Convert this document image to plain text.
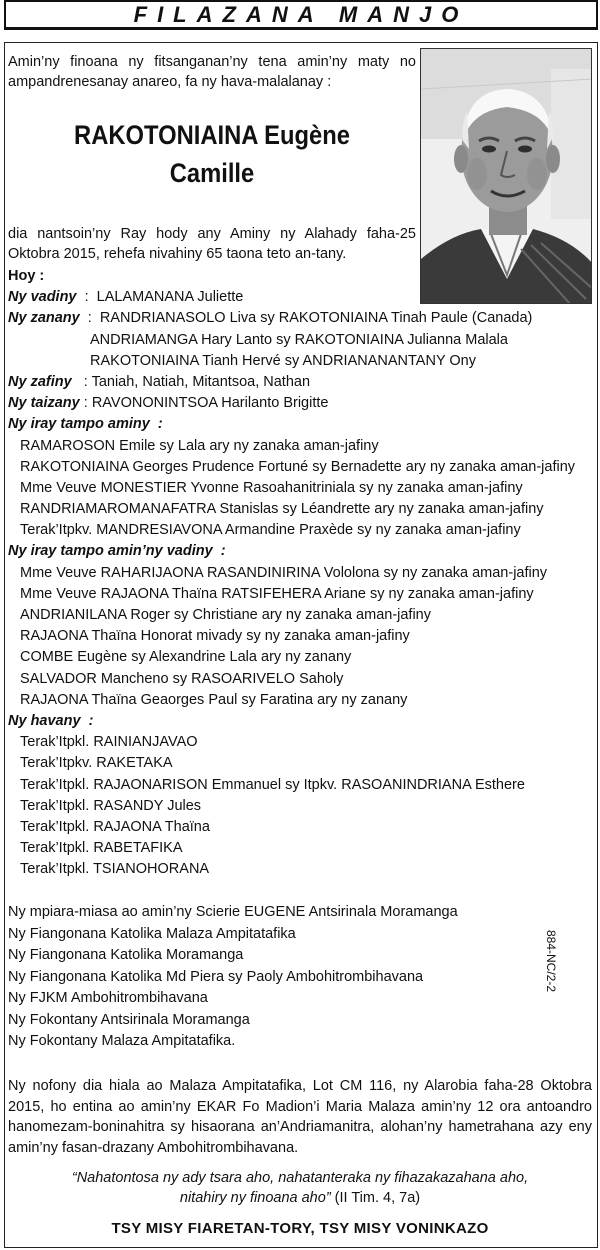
FILAZANA MANJO
Amin’ny finoana ny fitsanganan’ny tena amin’ny maty no ampandrenesanay anareo, fa ny hava-malalanay :
RAKOTONIAINA Eugène
Camille
dia nantsoin’ny Ray hody any Aminy ny Alahady faha-25 Oktobra 2015, rehefa nivahiny 65 taona teto an-tany.
Hoy :
Ny vadiny : LALAMANANA Juliette
Ny zanany : RANDRIANASOLO Liva sy RAKOTONIAINA Tinah Paule (Canada)
ANDRIAMANGA Hary Lanto sy RAKOTONIAINA Julianna Malala
RAKOTONIAINA Tianh Hervé sy ANDRIANANANTANY Ony
Ny zafiny : Taniah, Natiah, Mitantsoa, Nathan
Ny taizany : RAVONONINTSOA Harilanto Brigitte
Ny iray tampo aminy :
RAMAROSON Emile sy Lala ary ny zanaka aman-jafiny
RAKOTONIAINA Georges Prudence Fortuné sy Bernadette ary ny zanaka aman-jafiny
Mme Veuve MONESTIER Yvonne Rasoahanitriniala sy ny zanaka aman-jafiny
RANDRIAMAROMANAFATRA Stanislas sy Léandrette ary ny zanaka aman-jafiny
Terak’Itpkv. MANDRESIAVONA Armandine Praxède sy ny zanaka aman-jafiny
Ny iray tampo amin’ny vadiny :
Mme Veuve RAHARIJAONA RASANDINIRINA Vololona sy ny zanaka aman-jafiny
Mme Veuve RAJAONA Thaïna RATSIFEHERA Ariane sy ny zanaka aman-jafiny
ANDRIANILANA Roger sy Christiane ary ny zanaka aman-jafiny
RAJAONA Thaïna Honorat mivady sy ny zanaka aman-jafiny
COMBE Eugène sy Alexandrine Lala ary ny zanany
SALVADOR Mancheno sy RASOARIVELO Saholy
RAJAONA Thaïna Geaorges Paul sy Faratina ary ny zanany
Ny havany :
Terak’Itpkl. RAINIANJAVAO
Terak’Itpkv. RAKETAKA
Terak’Itpkl. RAJAONARISON Emmanuel sy Itpkv. RASOANINDRIANA Esthere
Terak’Itpkl. RASANDY Jules
Terak’Itpkl. RAJAONA Thaïna
Terak’Itpkl. RABETAFIKA
Terak’Itpkl. TSIANOHORANA
Ny mpiara-miasa ao amin’ny Scierie EUGENE Antsirinala Moramanga
Ny Fiangonana Katolika Malaza Ampitatafika
Ny Fiangonana Katolika Moramanga
Ny Fiangonana Katolika Md Piera sy Paoly Ambohitrombihavana
Ny FJKM Ambohitrombihavana
Ny Fokontany Antsirinala Moramanga
Ny Fokontany Malaza Ampitatafika.
884-NC/2-2
Ny nofony dia hiala ao Malaza Ampitatafika, Lot CM 116, ny Alarobia faha-28 Oktobra 2015, ho entina ao amin’ny EKAR Fo Madion’i Maria Malaza amin’ny 12 ora antoandro hanomezam-boninahitra sy hisaorana an’Andriamanitra, alohan’ny hametrahana azy eny amin’ny fasan-drazany Ambohitrombihavana.
“Nahatontosa ny ady tsara aho, nahatanteraka ny fihazakazahana aho,
nitahiry ny finoana aho” (II Tim. 4, 7a)
TSY MISY FIARETAN-TORY, TSY MISY VONINKAZO
